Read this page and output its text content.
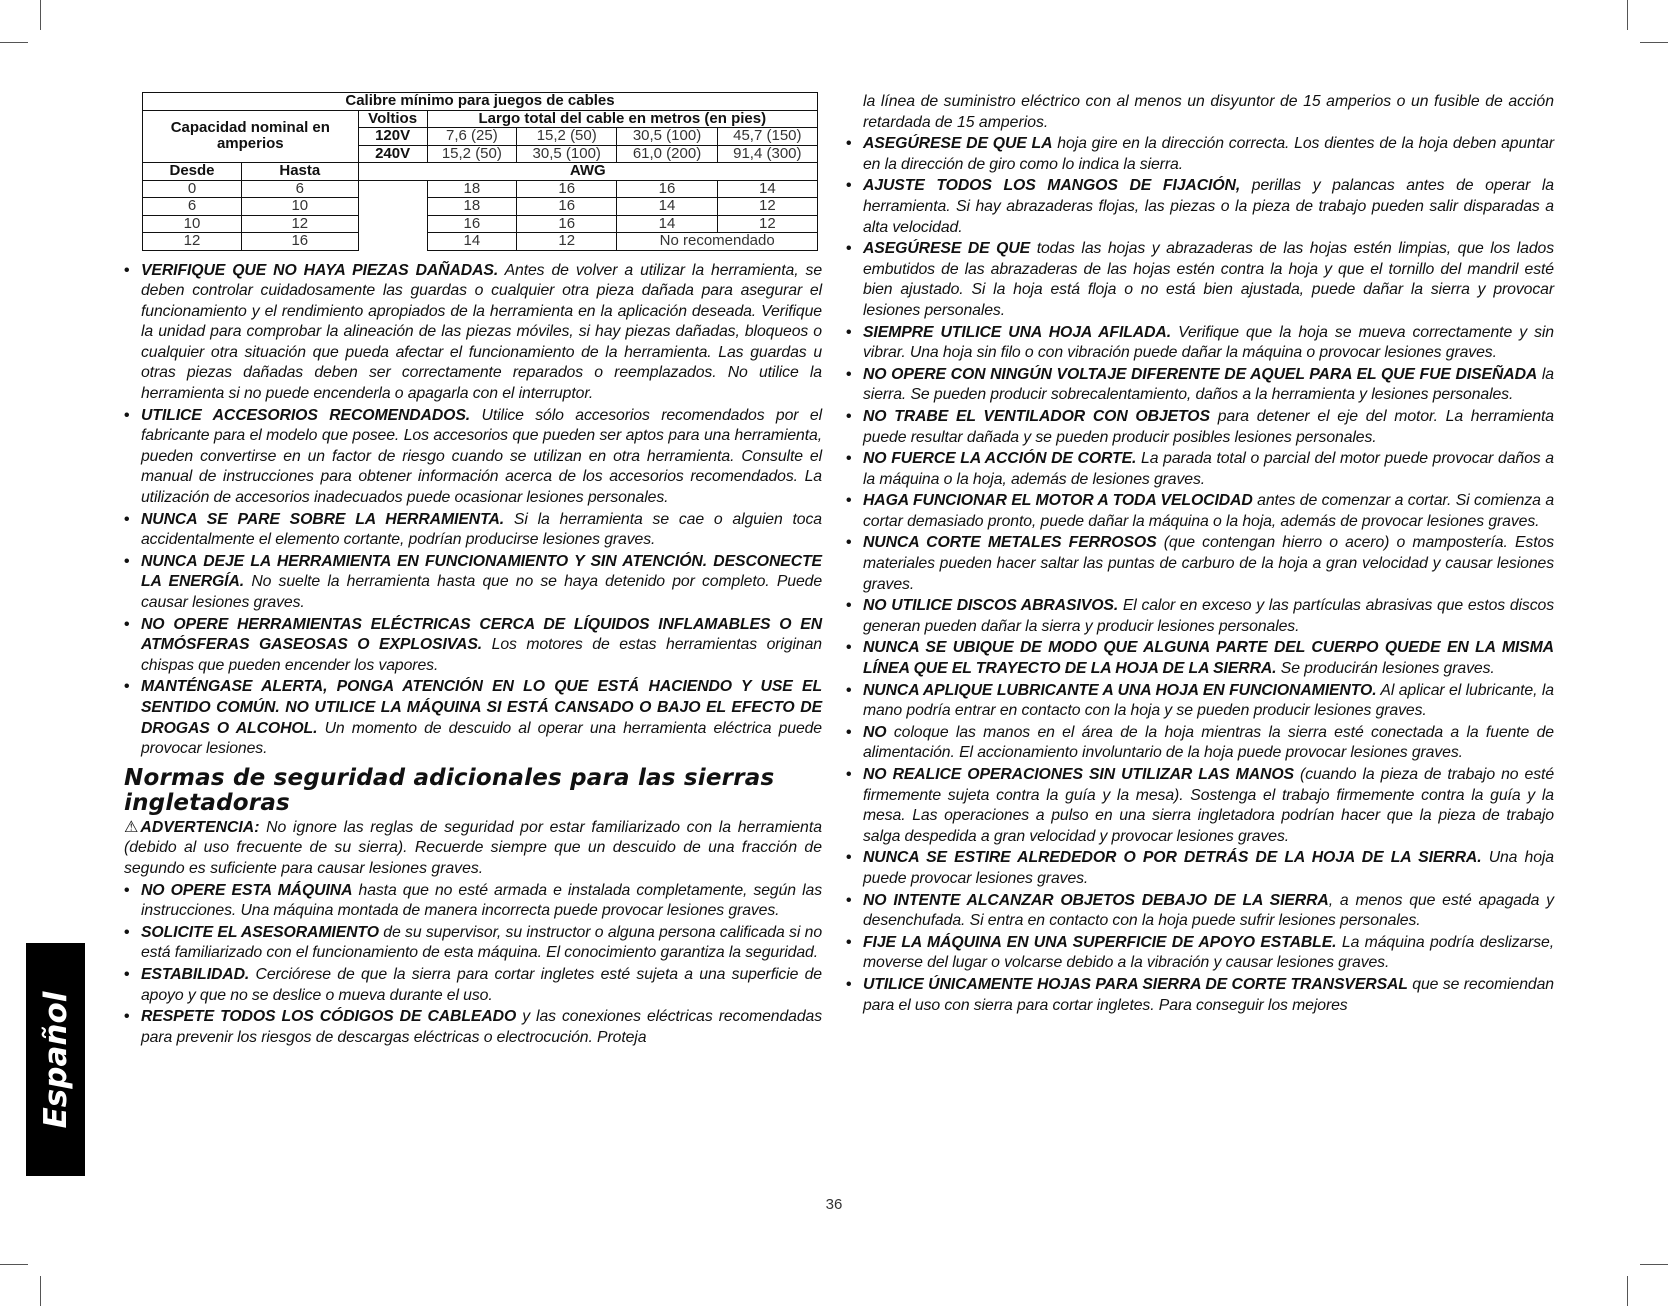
Calibre mínimo para juegos de cables						
Capacidad nominal en amperios		Voltios	Largo total del cable en metros (en pies)			
		120V	7,6 (25)	15,2 (50)	30,5 (100)	45,7 (150)
		240V	15,2 (50)	30,5 (100)	61,0 (200)	91,4 (300)
Desde	Hasta	AWG				
0	6		18	16	16	14
6	10		18	16	14	12
10	12		16	16	14	12
12	16		14	12	No recomendado	

• VERIFIQUE QUE NO HAYA PIEZAS DAÑADAS. Antes de volver a utilizar la herramienta, se deben controlar cuidadosamente las guardas o cualquier otra pieza dañada para asegurar el funcionamiento y el rendimiento apropiados de la herramienta en la aplicación deseada. Verifique la unidad para comprobar la alineación de las piezas móviles, si hay piezas dañadas, bloqueos o cualquier otra situación que pueda afectar el funcionamiento de la herramienta. Las guardas u otras piezas dañadas deben ser correctamente reparados o reemplazados. No utilice la herramienta si no puede encenderla o apagarla con el interruptor.

• UTILICE ACCESORIOS RECOMENDADOS. Utilice sólo accesorios recomendados por el fabricante para el modelo que posee. Los accesorios que pueden ser aptos para una herramienta, pueden convertirse en un factor de riesgo cuando se utilizan en otra herramienta. Consulte el manual de instrucciones para obtener información acerca de los accesorios recomendados. La utilización de accesorios inadecuados puede ocasionar lesiones personales.

• NUNCA SE PARE SOBRE LA HERRAMIENTA. Si la herramienta se cae o alguien toca accidentalmente el elemento cortante, podrían producirse lesiones graves.

• NUNCA DEJE LA HERRAMIENTA EN FUNCIONAMIENTO Y SIN ATENCIÓN. DESCONECTE LA ENERGÍA. No suelte la herramienta hasta que no se haya detenido por completo. Puede causar lesiones graves.

• NO OPERE HERRAMIENTAS ELÉCTRICAS CERCA DE LÍQUIDOS INFLAMABLES O EN ATMÓSFERAS GASEOSAS O EXPLOSIVAS. Los motores de estas herramientas originan chispas que pueden encender los vapores.

• MANTÉNGASE ALERTA, PONGA ATENCIÓN EN LO QUE ESTÁ HACIENDO Y USE EL SENTIDO COMÚN. NO UTILICE LA MÁQUINA SI ESTÁ CANSADO O BAJO EL EFECTO DE DROGAS O ALCOHOL. Un momento de descuido al operar una herramienta eléctrica puede provocar lesiones.

Normas de seguridad adicionales para las sierras ingletadoras

⚠ADVERTENCIA: No ignore las reglas de seguridad por estar familiarizado con la herramienta (debido al uso frecuente de su sierra). Recuerde siempre que un descuido de una fracción de segundo es suficiente para causar lesiones graves.

• NO OPERE ESTA MÁQUINA hasta que no esté armada e instalada completamente, según las instrucciones. Una máquina montada de manera incorrecta puede provocar lesiones graves.

• SOLICITE EL ASESORAMIENTO de su supervisor, su instructor o alguna persona calificada si no está familiarizado con el funcionamiento de esta máquina. El conocimiento garantiza la seguridad.

• ESTABILIDAD. Cerciórese de que la sierra para cortar ingletes esté sujeta a una superficie de apoyo y que no se deslice o mueva durante el uso.

• RESPETE TODOS LOS CÓDIGOS DE CABLEADO y las conexiones eléctricas recomendadas para prevenir los riesgos de descargas eléctricas o electrocución. Proteja

la línea de suministro eléctrico con al menos un disyuntor de 15 amperios o un fusible de acción retardada de 15 amperios.

• ASEGÚRESE DE QUE LA hoja gire en la dirección correcta. Los dientes de la hoja deben apuntar en la dirección de giro como lo indica la sierra.

• AJUSTE TODOS LOS MANGOS DE FIJACIÓN, perillas y palancas antes de operar la herramienta. Si hay abrazaderas flojas, las piezas o la pieza de trabajo pueden salir disparadas a alta velocidad.

• ASEGÚRESE DE QUE todas las hojas y abrazaderas de las hojas estén limpias, que los lados embutidos de las abrazaderas de las hojas estén contra la hoja y que el tornillo del mandril esté bien ajustado. Si la hoja está floja o no está bien ajustada, puede dañar la sierra y provocar lesiones personales.

• SIEMPRE UTILICE UNA HOJA AFILADA. Verifique que la hoja se mueva correctamente y sin vibrar. Una hoja sin filo o con vibración puede dañar la máquina o provocar lesiones graves.

• NO OPERE CON NINGÚN VOLTAJE DIFERENTE DE AQUEL PARA EL QUE FUE DISEÑADA la sierra. Se pueden producir sobrecalentamiento, daños a la herramienta y lesiones personales.

• NO TRABE EL VENTILADOR CON OBJETOS para detener el eje del motor. La herramienta puede resultar dañada y se pueden producir posibles lesiones personales.

• NO FUERCE LA ACCIÓN DE CORTE. La parada total o parcial del motor puede provocar daños a la máquina o la hoja, además de lesiones graves.

• HAGA FUNCIONAR EL MOTOR A TODA VELOCIDAD antes de comenzar a cortar. Si comienza a cortar demasiado pronto, puede dañar la máquina o la hoja, además de provocar lesiones graves.

• NUNCA CORTE METALES FERROSOS (que contengan hierro o acero) o mampostería. Estos materiales pueden hacer saltar las puntas de carburo de la hoja a gran velocidad y causar lesiones graves.

• NO UTILICE DISCOS ABRASIVOS. El calor en exceso y las partículas abrasivas que estos discos generan pueden dañar la sierra y producir lesiones personales.

• NUNCA SE UBIQUE DE MODO QUE ALGUNA PARTE DEL CUERPO QUEDE EN LA MISMA LÍNEA QUE EL TRAYECTO DE LA HOJA DE LA SIERRA. Se producirán lesiones graves.

• NUNCA APLIQUE LUBRICANTE A UNA HOJA EN FUNCIONAMIENTO. Al aplicar el lubricante, la mano podría entrar en contacto con la hoja y se pueden producir lesiones graves.

• NO coloque las manos en el área de la hoja mientras la sierra esté conectada a la fuente de alimentación. El accionamiento involuntario de la hoja puede provocar lesiones graves.

• NO REALICE OPERACIONES SIN UTILIZAR LAS MANOS (cuando la pieza de trabajo no esté firmemente sujeta contra la guía y la mesa). Sostenga el trabajo firmemente contra la guía y la mesa. Las operaciones a pulso en una sierra ingletadora podrían hacer que la pieza de trabajo salga despedida a gran velocidad y provocar lesiones graves.

• NUNCA SE ESTIRE ALREDEDOR O POR DETRÁS DE LA HOJA DE LA SIERRA. Una hoja puede provocar lesiones graves.

• NO INTENTE ALCANZAR OBJETOS DEBAJO DE LA SIERRA, a menos que esté apagada y desenchufada. Si entra en contacto con la hoja puede sufrir lesiones personales.

• FIJE LA MÁQUINA EN UNA SUPERFICIE DE APOYO ESTABLE. La máquina podría deslizarse, moverse del lugar o volcarse debido a la vibración y causar lesiones graves.

• UTILICE ÚNICAMENTE HOJAS PARA SIERRA DE CORTE TRANSVERSAL que se recomiendan para el uso con sierra para cortar ingletes. Para conseguir los mejores

Español
36
